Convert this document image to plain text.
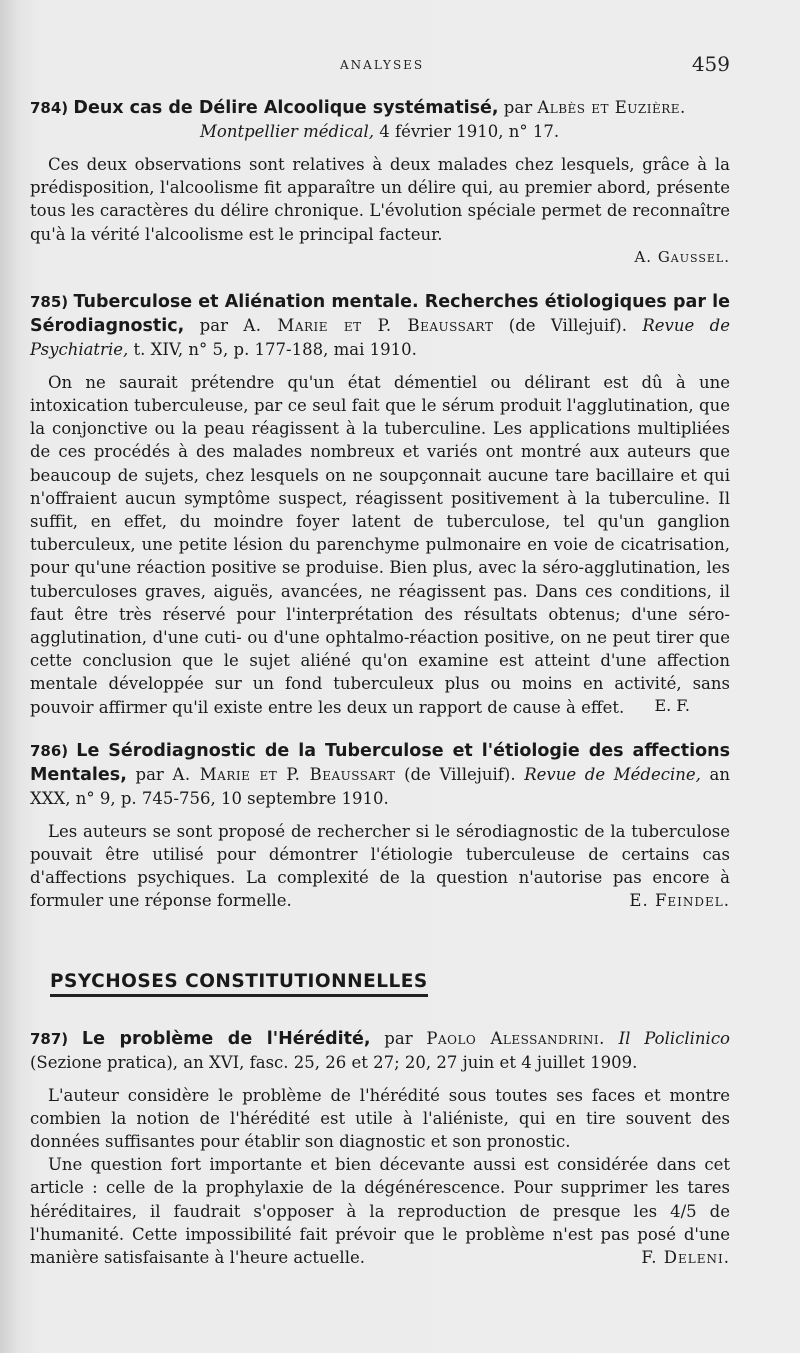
ANALYSES	459
784) Deux cas de Délire Alcoolique systématisé, par Albès et Euzière.
Montpellier médical, 4 février 1910, n° 17.
Ces deux observations sont relatives à deux malades chez lesquels, grâce à la prédisposition, l'alcoolisme fit apparaître un délire qui, au premier abord, présente tous les caractères du délire chronique. L'évolution spéciale permet de reconnaître qu'à la vérité l'alcoolisme est le principal facteur.
A. Gaussel.
785) Tuberculose et Aliénation mentale. Recherches étiologiques par le Sérodiagnostic, par A. Marie et P. Beaussart (de Villejuif). Revue de Psychiatrie, t. XIV, n° 5, p. 177-188, mai 1910.
On ne saurait prétendre qu'un état démentiel ou délirant est dû à une intoxication tuberculeuse, par ce seul fait que le sérum produit l'agglutination, que la conjonctive ou la peau réagissent à la tuberculine. Les applications multipliées de ces procédés à des malades nombreux et variés ont montré aux auteurs que beaucoup de sujets, chez lesquels on ne soupçonnait aucune tare bacillaire et qui n'offraient aucun symptôme suspect, réagissent positivement à la tuberculine. Il suffit, en effet, du moindre foyer latent de tuberculose, tel qu'un ganglion tuberculeux, une petite lésion du parenchyme pulmonaire en voie de cicatrisation, pour qu'une réaction positive se produise. Bien plus, avec la séro-agglutination, les tuberculoses graves, aiguës, avancées, ne réagissent pas. Dans ces conditions, il faut être très réservé pour l'interprétation des résultats obtenus; d'une séro-agglutination, d'une cuti- ou d'une ophtalmo-réaction positive, on ne peut tirer que cette conclusion que le sujet aliéné qu'on examine est atteint d'une affection mentale développée sur un fond tuberculeux plus ou moins en activité, sans pouvoir affirmer qu'il existe entre les deux un rapport de cause à effet.	E. F.
786) Le Sérodiagnostic de la Tuberculose et l'étiologie des affections Mentales, par A. Marie et P. Beaussart (de Villejuif). Revue de Médecine, an XXX, n° 9, p. 745-756, 10 septembre 1910.
Les auteurs se sont proposé de rechercher si le sérodiagnostic de la tuberculose pouvait être utilisé pour démontrer l'étiologie tuberculeuse de certains cas d'affections psychiques. La complexité de la question n'autorise pas encore à formuler une réponse formelle.	E. Feindel.
PSYCHOSES CONSTITUTIONNELLES
787) Le problème de l'Hérédité, par Paolo Alessandrini. Il Policlinico (Sezione pratica), an XVI, fasc. 25, 26 et 27; 20, 27 juin et 4 juillet 1909.
L'auteur considère le problème de l'hérédité sous toutes ses faces et montre combien la notion de l'hérédité est utile à l'aliéniste, qui en tire souvent des données suffisantes pour établir son diagnostic et son pronostic.
Une question fort importante et bien décevante aussi est considérée dans cet article : celle de la prophylaxie de la dégénérescence. Pour supprimer les tares héréditaires, il faudrait s'opposer à la reproduction de presque les 4/5 de l'humanité. Cette impossibilité fait prévoir que le problème n'est pas posé d'une manière satisfaisante à l'heure actuelle.	F. Deleni.
